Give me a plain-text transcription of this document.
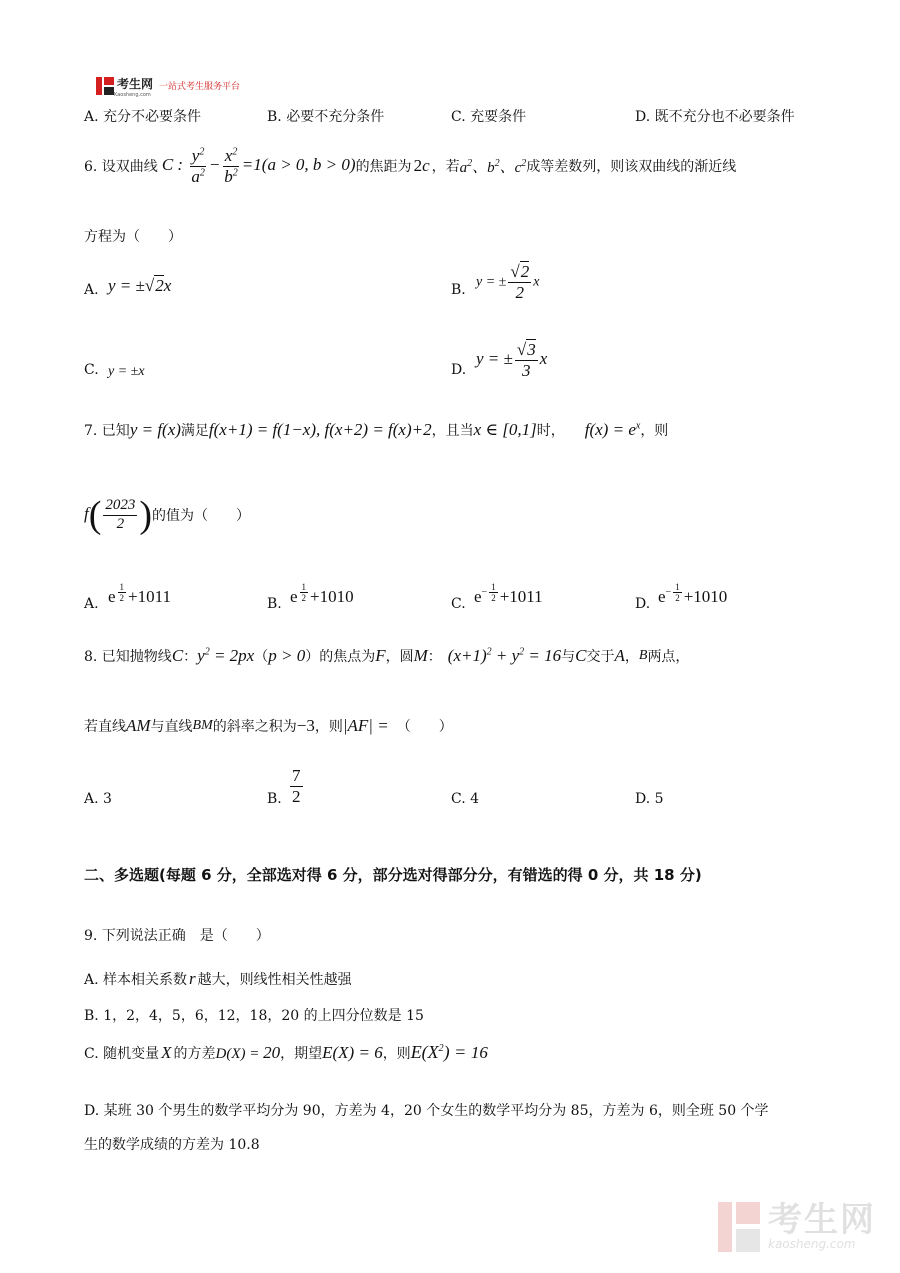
考生网
Kaosheng.com
一站式考生服务平台
A. 充分不必要条件	B. 必要不充分条件	C. 充要条件	D. 既不充分也不必要条件
6. 设双曲线 C : $\frac{y^2}{a^2} - \frac{x^2}{b^2} =1(a > 0$, b > 0) 的焦距为 2c ，若 $a^2$、$b^2$、$c^2$ 成等差数列，则该双曲线的渐近线
方程为（　　）
A. y = ±√2x	B.
y = ± $\frac{√2}{2}$ x
C. y = ±x	D.
y = ± $\frac{√3}{3}$ x
7. 已知 y = f(x) 满足 f(x+1) = f(1−x), f(x+2) = f(x)+2 ，且当 x ∈ [0,1] 时， $f(x) = e^x$ ，则
$f( \frac{2023}{2}$ ) 的值为（　　）
A. e $^{\frac{1}{2}}$ +1011	B. e $^{\frac{1}{2}}$ +1010	C. $e^{- \frac{1}{2}} +1011$	D. $e^{- \frac{1}{2}} +1010$
8. 已知抛物线 C ： $y^2 = 2px$ （ p > 0 ）的焦点为 F ，圆 M ： $(x+1)^2 + y^2 = 16$ 与 C 交于 A ， B 两点，
若直线 AM 与直线 BM 的斜率之积为 −3 ，则 |AF| = （　　）
A. 3	B. $\frac{7}{2}$	C. 4	D. 5
二、多选题(每题 6 分，全部选对得 6 分，部分选对得部分分，有错选的得 0 分，共 18 分)
9. 下列说法正确　是（　　）
A. 样本相关系数 r 越大，则线性相关性越强
B. 1，2，4，5，6，12，18，20 的上四分位数是 15
C. 随机变量 X 的方差 D(X) = 20 ，期望 E(X) = 6 ，则 $E(X^2) = 16$
D. 某班 30 个男生的数学平均分为 90，方差为 4，20 个女生的数学平均分为 85，方差为 6，则全班 50 个学
生的数学成绩的方差为 10.8
考生网
kaosheng.com
